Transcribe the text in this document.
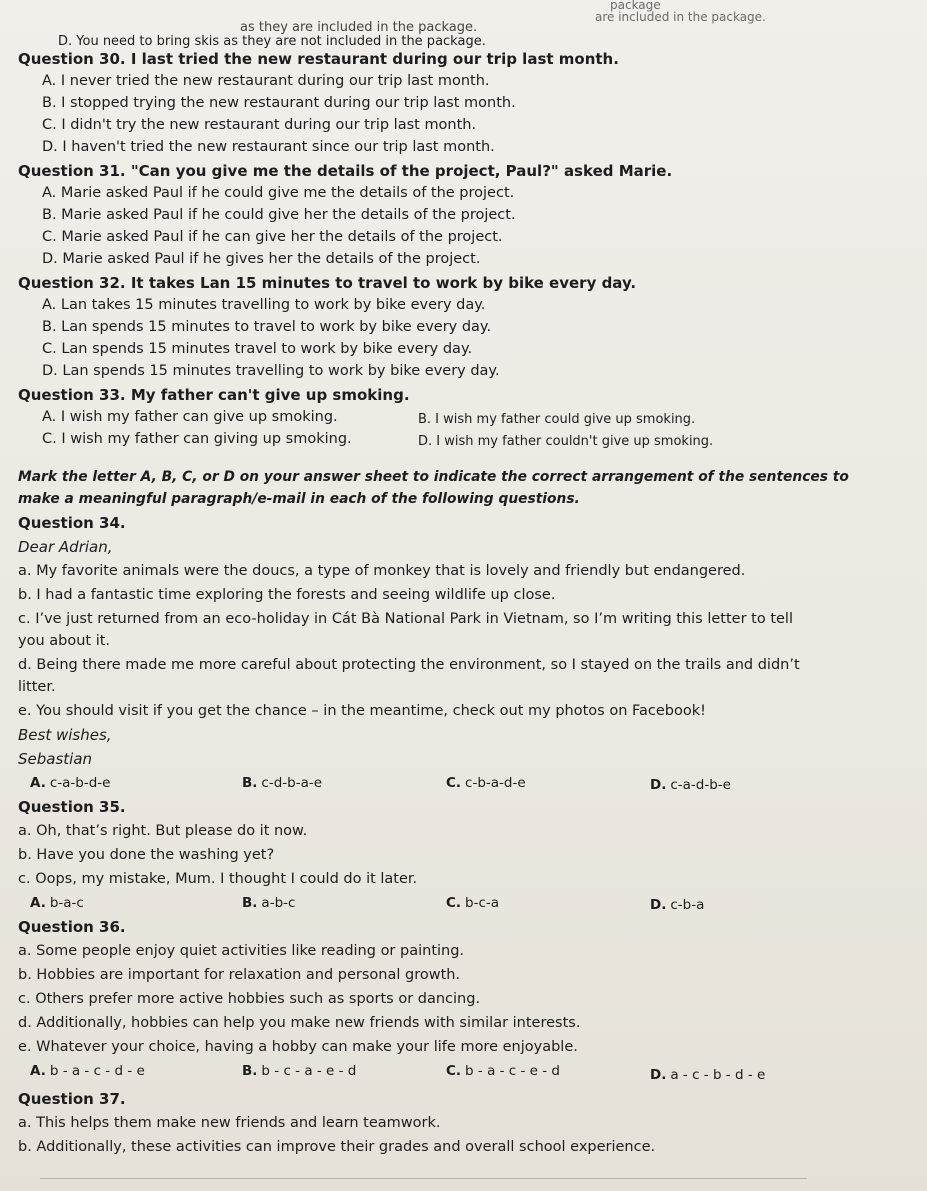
package
are included in the package.
as they are included in the package.
D. You need to bring skis as they are not included in the package.
Question 30. I last tried the new restaurant during our trip last month.
A. I never tried the new restaurant during our trip last month.
B. I stopped trying the new restaurant during our trip last month.
C. I didn't try the new restaurant during our trip last month.
D. I haven't tried the new restaurant since our trip last month.
Question 31. "Can you give me the details of the project, Paul?" asked Marie.
A. Marie asked Paul if he could give me the details of the project.
B. Marie asked Paul if he could give her the details of the project.
C. Marie asked Paul if he can give her the details of the project.
D. Marie asked Paul if he gives her the details of the project.
Question 32. It takes Lan 15 minutes to travel to work by bike every day.
A. Lan takes 15 minutes travelling to work by bike every day.
B. Lan spends 15 minutes to travel to work by bike every day.
C. Lan spends 15 minutes travel to work by bike every day.
D. Lan spends 15 minutes travelling to work by bike every day.
Question 33. My father can't give up smoking.
A. I wish my father can give up smoking.	B. I wish my father could give up smoking.
C. I wish my father can giving up smoking.	D. I wish my father couldn't give up smoking.
Mark the letter A, B, C, or D on your answer sheet to indicate the correct arrangement of the sentences to
make a meaningful paragraph/e-mail in each of the following questions.
Question 34.
Dear Adrian,
a. My favorite animals were the doucs, a type of monkey that is lovely and friendly but endangered.
b. I had a fantastic time exploring the forests and seeing wildlife up close.
c. I’ve just returned from an eco-holiday in Cát Bà National Park in Vietnam, so I’m writing this letter to tell
you about it.
d. Being there made me more careful about protecting the environment, so I stayed on the trails and didn’t
litter.
e. You should visit if you get the chance – in the meantime, check out my photos on Facebook!
Best wishes,
Sebastian
A. c-a-b-d-e	B. c-d-b-a-e	C. c-b-a-d-e	D. c-a-d-b-e
Question 35.
a. Oh, that’s right. But please do it now.
b. Have you done the washing yet?
c. Oops, my mistake, Mum. I thought I could do it later.
A. b-a-c	B. a-b-c	C. b-c-a	D. c-b-a
Question 36.
a. Some people enjoy quiet activities like reading or painting.
b. Hobbies are important for relaxation and personal growth.
c. Others prefer more active hobbies such as sports or dancing.
d. Additionally, hobbies can help you make new friends with similar interests.
e. Whatever your choice, having a hobby can make your life more enjoyable.
A. b - a - c - d - e	B. b - c - a - e - d	C. b - a - c - e - d	D. a - c - b - d - e
Question 37.
a. This helps them make new friends and learn teamwork.
b. Additionally, these activities can improve their grades and overall school experience.
